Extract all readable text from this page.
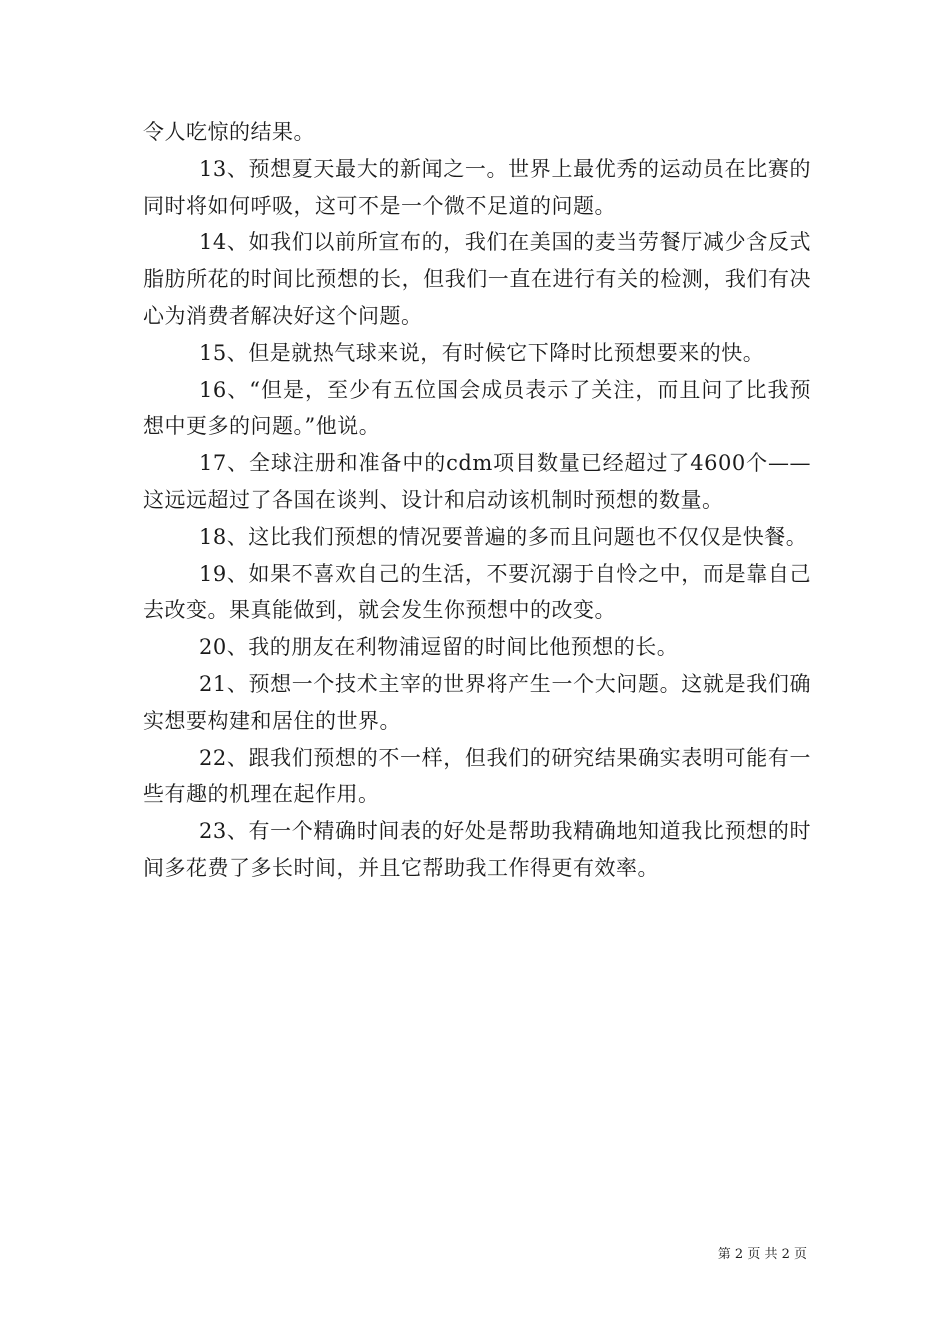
令人吃惊的结果。

13、预想夏天最大的新闻之一。世界上最优秀的运动员在比赛的同时将如何呼吸，这可不是一个微不足道的问题。

14、如我们以前所宣布的，我们在美国的麦当劳餐厅减少含反式脂肪所花的时间比预想的长，但我们一直在进行有关的检测，我们有决心为消费者解决好这个问题。

15、但是就热气球来说，有时候它下降时比预想要来的快。

16、“但是，至少有五位国会成员表示了关注，而且问了比我预想中更多的问题。”他说。

17、全球注册和准备中的cdm项目数量已经超过了4600个——这远远超过了各国在谈判、设计和启动该机制时预想的数量。

18、这比我们预想的情况要普遍的多而且问题也不仅仅是快餐。

19、如果不喜欢自己的生活，不要沉溺于自怜之中，而是靠自己去改变。果真能做到，就会发生你预想中的改变。

20、我的朋友在利物浦逗留的时间比他预想的长。

21、预想一个技术主宰的世界将产生一个大问题。这就是我们确实想要构建和居住的世界。

22、跟我们预想的不一样，但我们的研究结果确实表明可能有一些有趣的机理在起作用。

23、有一个精确时间表的好处是帮助我精确地知道我比预想的时间多花费了多长时间，并且它帮助我工作得更有效率。

第 2 页 共 2 页
